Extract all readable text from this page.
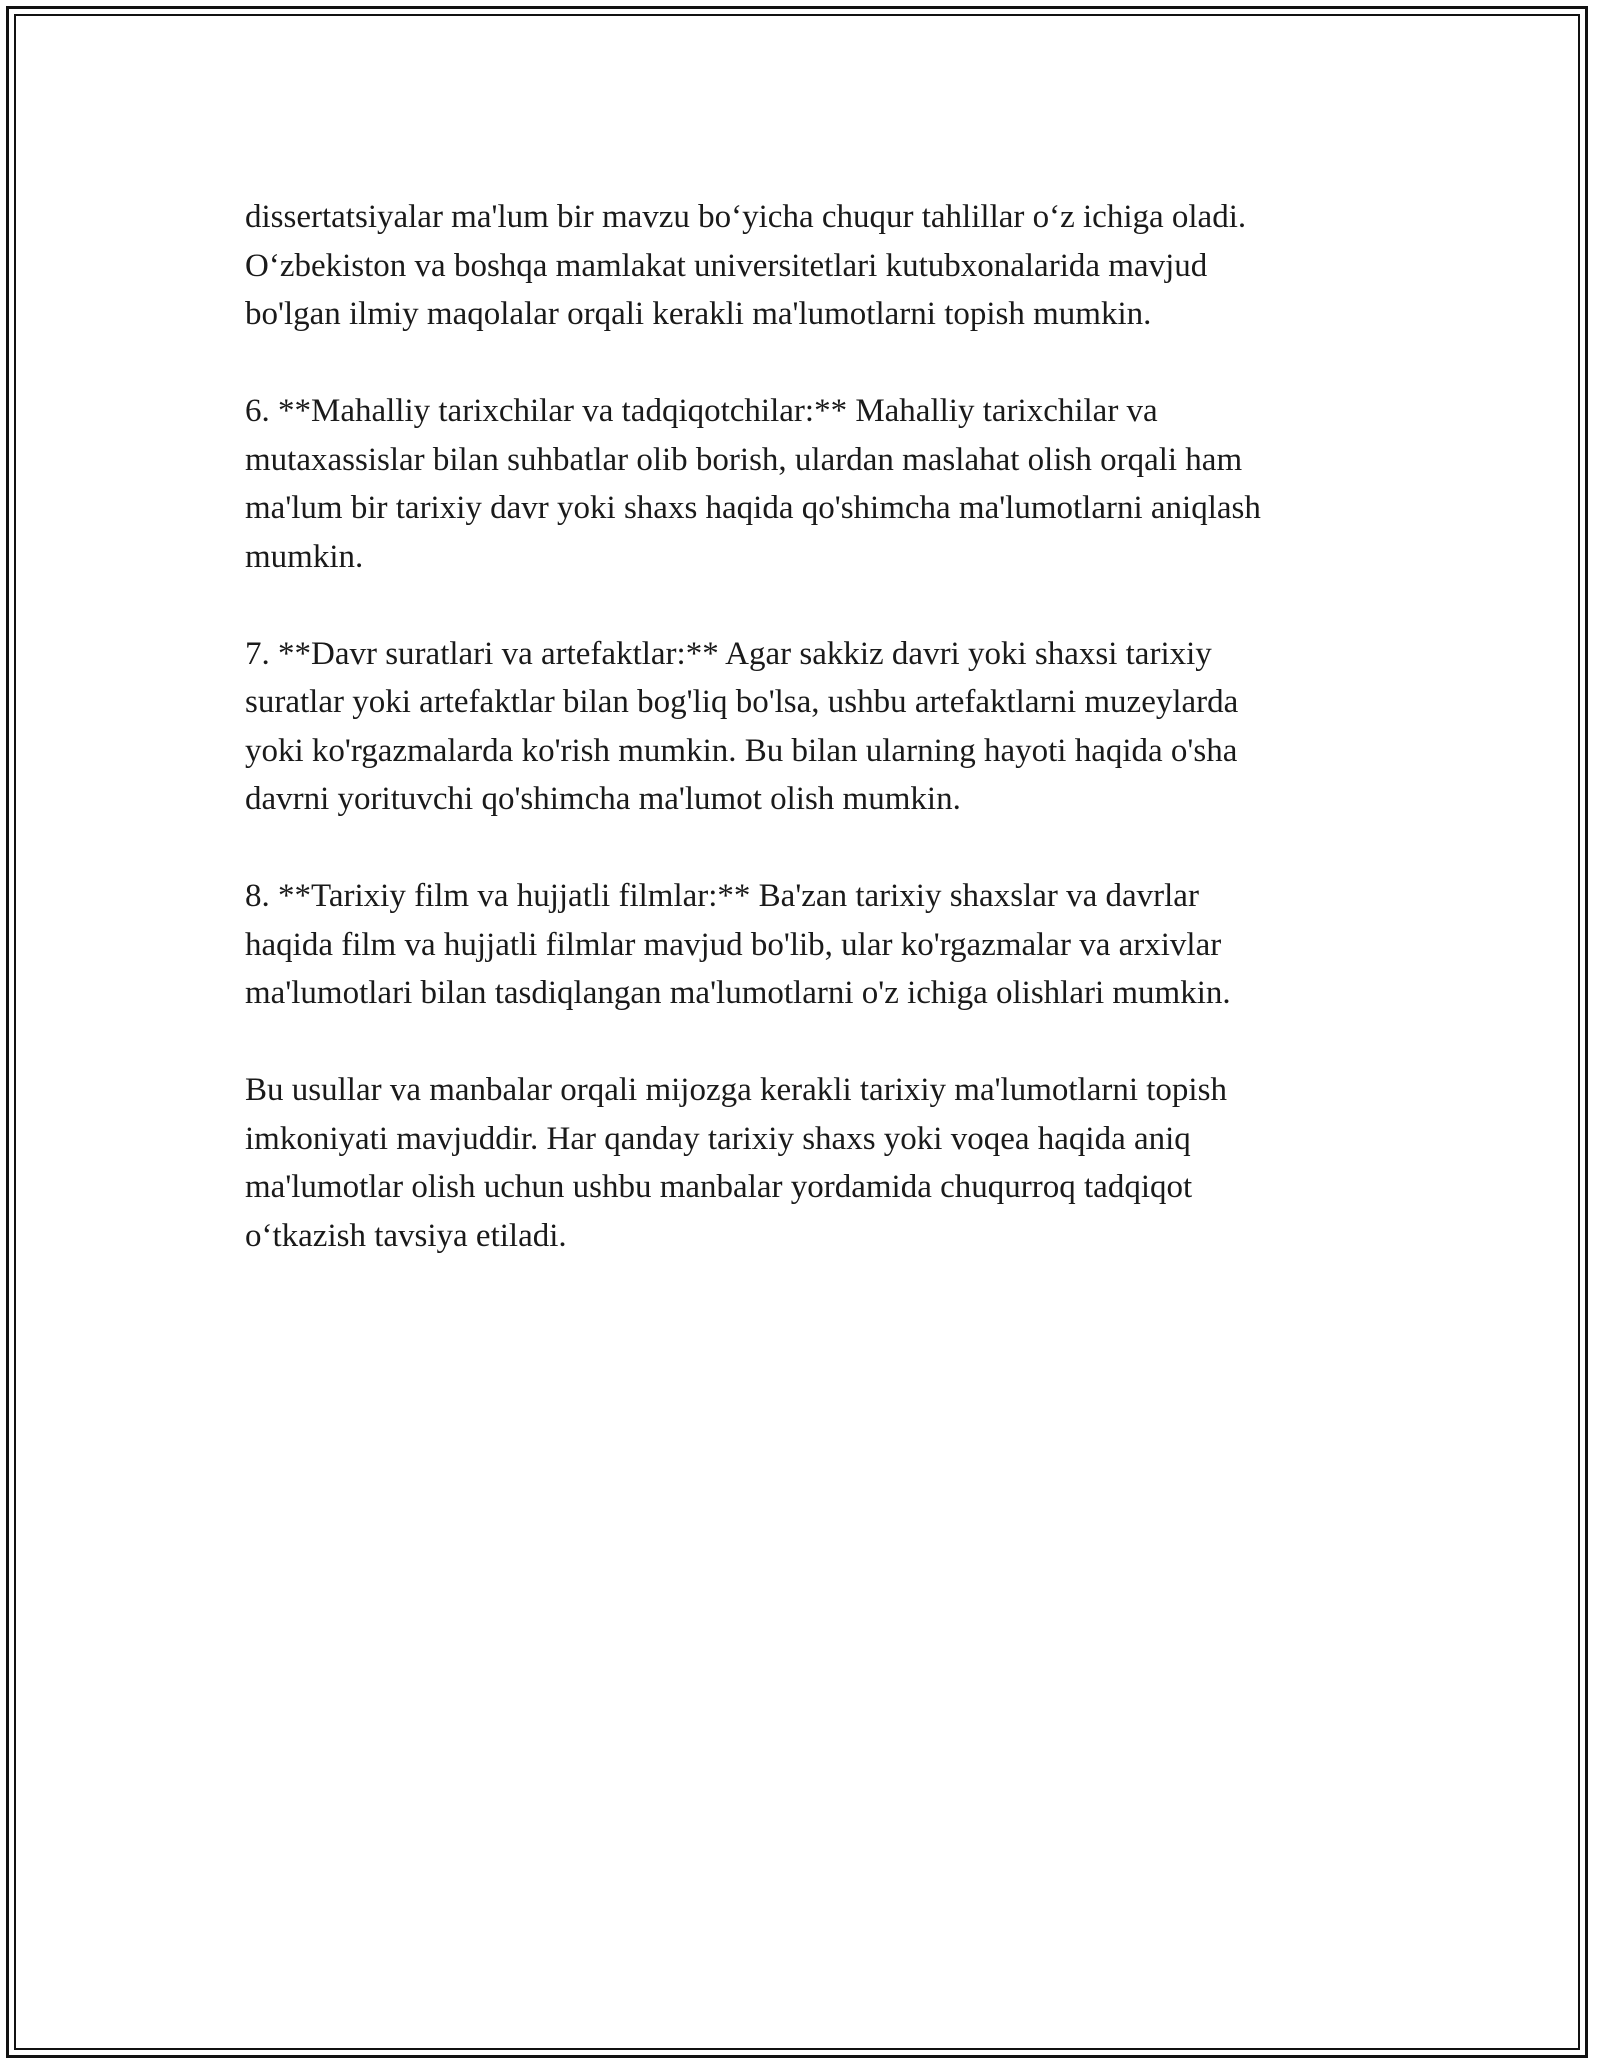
dissertatsiyalar ma'lum bir mavzu bo‘yicha chuqur tahlillar o‘z ichiga oladi.
O‘zbekiston va boshqa mamlakat universitetlari kutubxonalarida mavjud
bo'lgan ilmiy maqolalar orqali kerakli ma'lumotlarni topish mumkin.

6. **Mahalliy tarixchilar va tadqiqotchilar:** Mahalliy tarixchilar va
mutaxassislar bilan suhbatlar olib borish, ulardan maslahat olish orqali ham
ma'lum bir tarixiy davr yoki shaxs haqida qo'shimcha ma'lumotlarni aniqlash
mumkin.

7. **Davr suratlari va artefaktlar:** Agar sakkiz davri yoki shaxsi tarixiy
suratlar yoki artefaktlar bilan bog'liq bo'lsa, ushbu artefaktlarni muzeylarda
yoki ko'rgazmalarda ko'rish mumkin. Bu bilan ularning hayoti haqida o'sha
davrni yorituvchi qo'shimcha ma'lumot olish mumkin.

8. **Tarixiy film va hujjatli filmlar:** Ba'zan tarixiy shaxslar va davrlar
haqida film va hujjatli filmlar mavjud bo'lib, ular ko'rgazmalar va arxivlar
ma'lumotlari bilan tasdiqlangan ma'lumotlarni o'z ichiga olishlari mumkin.

Bu usullar va manbalar orqali mijozga kerakli tarixiy ma'lumotlarni topish
imkoniyati mavjuddir. Har qanday tarixiy shaxs yoki voqea haqida aniq
ma'lumotlar olish uchun ushbu manbalar yordamida chuqurroq tadqiqot
o‘tkazish tavsiya etiladi.
